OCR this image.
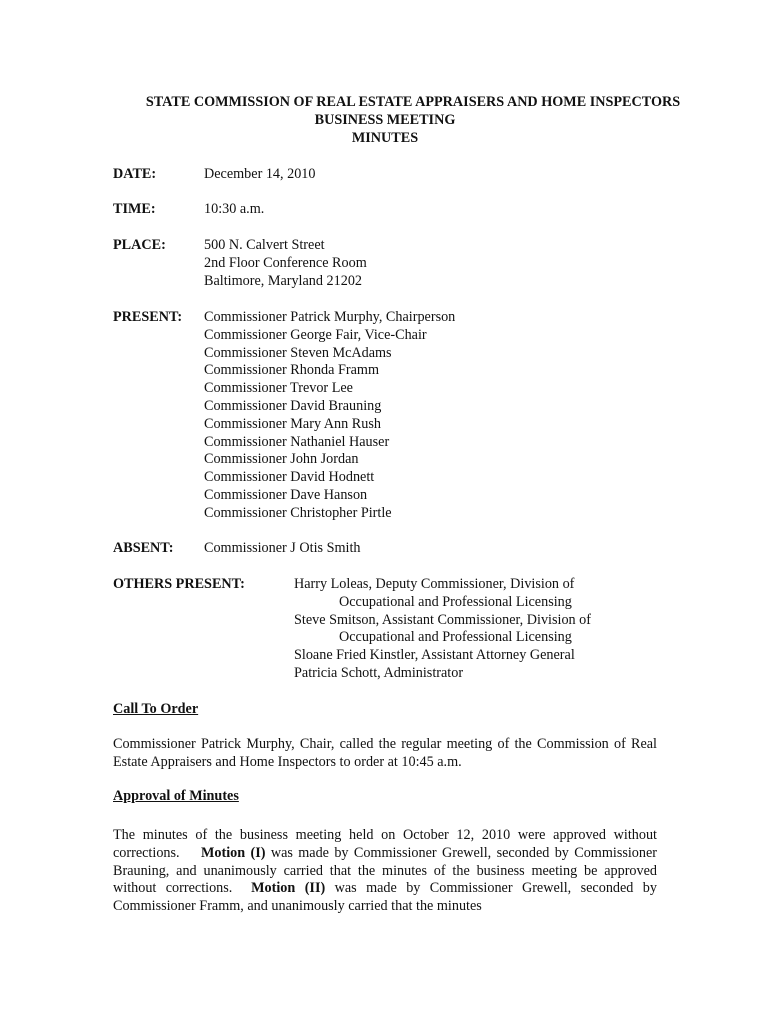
STATE COMMISSION OF REAL ESTATE APPRAISERS AND HOME INSPECTORS
BUSINESS MEETING
MINUTES
DATE:	December 14, 2010
TIME:	10:30 a.m.
PLACE:	500 N. Calvert Street
2nd Floor Conference Room
Baltimore, Maryland 21202
PRESENT: Commissioner Patrick Murphy, Chairperson
Commissioner George Fair, Vice-Chair
Commissioner Steven McAdams
Commissioner Rhonda Framm
Commissioner Trevor Lee
Commissioner David Brauning
Commissioner Mary Ann Rush
Commissioner Nathaniel Hauser
Commissioner John Jordan
Commissioner David Hodnett
Commissioner Dave Hanson
Commissioner Christopher Pirtle
ABSENT: Commissioner J Otis Smith
OTHERS PRESENT:	Harry Loleas, Deputy Commissioner, Division of
Occupational and Professional Licensing
Steve Smitson, Assistant Commissioner, Division of
Occupational and Professional Licensing
Sloane Fried Kinstler, Assistant Attorney General
Patricia Schott, Administrator
Call To Order
Commissioner Patrick Murphy, Chair, called the regular meeting of the Commission of Real Estate Appraisers and Home Inspectors to order at 10:45 a.m.
Approval of Minutes
The minutes of the business meeting held on October 12, 2010 were approved without corrections. Motion (I) was made by Commissioner Grewell, seconded by Commissioner Brauning, and unanimously carried that the minutes of the business meeting be approved without corrections. Motion (II) was made by Commissioner Grewell, seconded by Commissioner Framm, and unanimously carried that the minutes
